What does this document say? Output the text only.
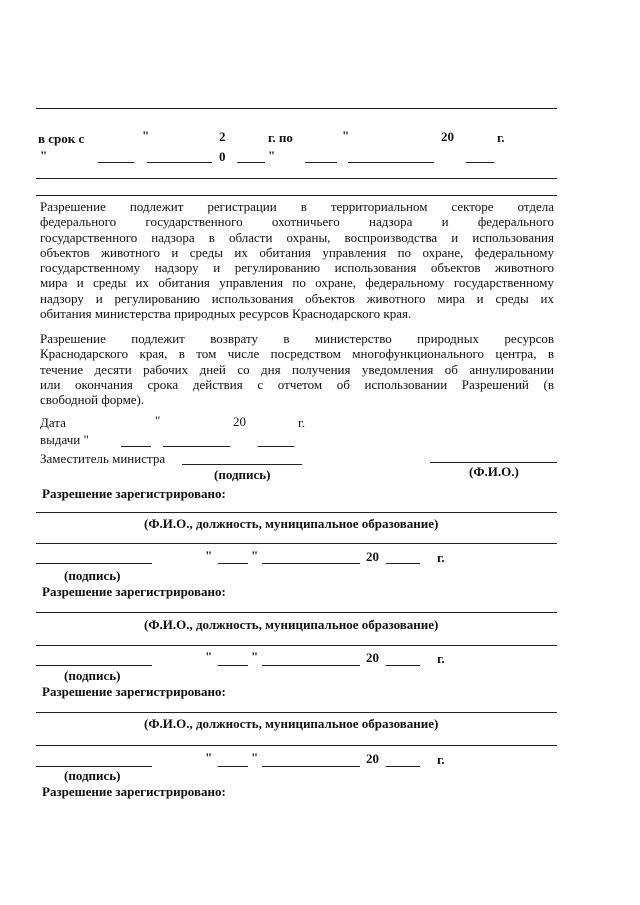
в срок с	"	2	г. по	"	20	г.
"	0	"
Разрешение подлежит регистрации в территориальном секторе отдела
федерального государственного охотничьего надзора и федерального
государственного надзора в области охраны, воспроизводства и использования
объектов животного и среды их обитания управления по охране, федеральному
государственному надзору и регулированию использования объектов животного
мира и среды их обитания управления по охране, федеральному государственному
надзору и регулированию использования объектов животного мира и среды их
обитания министерства природных ресурсов Краснодарского края.
Разрешение подлежит возврату в министерство природных ресурсов
Краснодарского края, в том числе посредством многофункционального центра, в
течение десяти рабочих дней со дня получения уведомления об аннулировании
или окончания срока действия с отчетом об использовании Разрешений (в
свободной форме).
Дата	"	20	г.
выдачи "
Заместитель министра
(подпись)	(Ф.И.О.)
Разрешение зарегистрировано:
(Ф.И.О., должность, муниципальное образование)
"	"	20	г.
(подпись)
Разрешение зарегистрировано:
(Ф.И.О., должность, муниципальное образование)
"	"	20	г.
(подпись)
Разрешение зарегистрировано:
(Ф.И.О., должность, муниципальное образование)
"	"	20	г.
(подпись)
Разрешение зарегистрировано:
